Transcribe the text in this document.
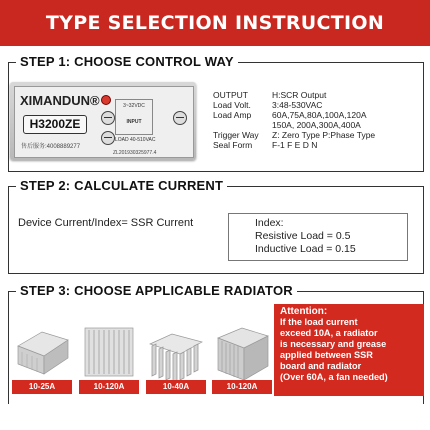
TYPE SELECTION INSTRUCTION
STEP 1: CHOOSE CONTROL WAY
XIMANDUN®
H3200ZE
售后服务:4008889277
3~32VDC
INPUT
LOAD 40-510VAC
ZL201930325977.4
OUTPUT	H:SCR Output
Load Volt. 3:48-530VAC
Load Amp 60A,75A,80A,100A,120A
150A, 200A,300A,400A
Trigger Way Z: Zero Type P:Phase Type
Seal Form F-1 F E D N
STEP 2: CALCULATE CURRENT
Device Current/Index= SSR Current	Index:
Resistive Load = 0.5
Inductive Load = 0.15
STEP 3: CHOOSE APPLICABLE RADIATOR
10-25A	10-120A	10-40A	10-120A
Attention:
If the load current
exceed 10A, a radiator
is necessary and grease
applied between SSR
board and radiator
(Over 60A, a fan needed)
